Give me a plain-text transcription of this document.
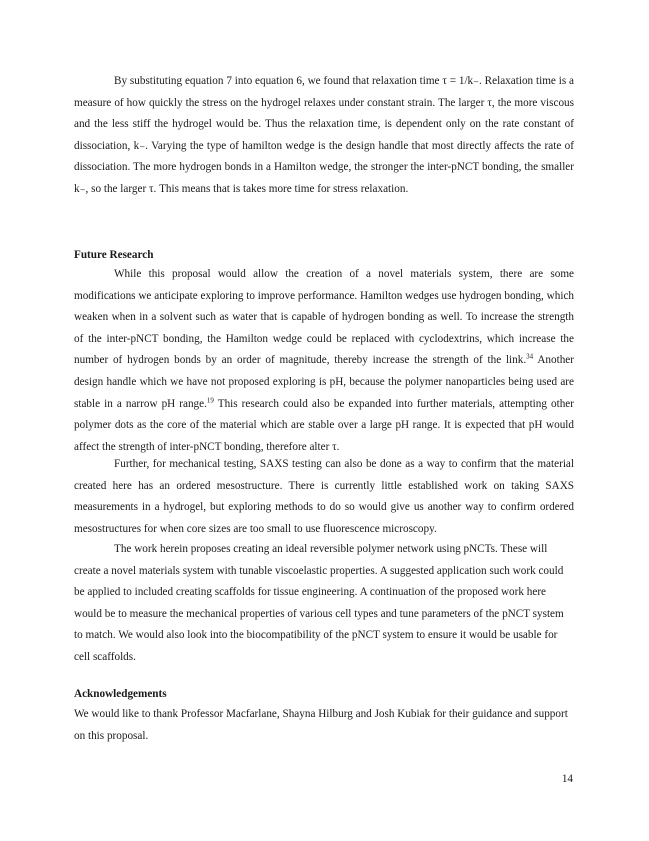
By substituting equation 7 into equation 6, we found that relaxation time τ = 1/k₋. Relaxation time is a measure of how quickly the stress on the hydrogel relaxes under constant strain. The larger τ, the more viscous and the less stiff the hydrogel would be. Thus the relaxation time, is dependent only on the rate constant of dissociation, k₋. Varying the type of hamilton wedge is the design handle that most directly affects the rate of dissociation. The more hydrogen bonds in a Hamilton wedge, the stronger the inter-pNCT bonding, the smaller k₋, so the larger τ. This means that is takes more time for stress relaxation.

Future Research

While this proposal would allow the creation of a novel materials system, there are some modifications we anticipate exploring to improve performance. Hamilton wedges use hydrogen bonding, which weaken when in a solvent such as water that is capable of hydrogen bonding as well. To increase the strength of the inter-pNCT bonding, the Hamilton wedge could be replaced with cyclodextrins, which increase the number of hydrogen bonds by an order of magnitude, thereby increase the strength of the link.$^{34}$ Another design handle which we have not proposed exploring is pH, because the polymer nanoparticles being used are stable in a narrow pH range.$^{19}$ This research could also be expanded into further materials, attempting other polymer dots as the core of the material which are stable over a large pH range. It is expected that pH would affect the strength of inter-pNCT bonding, therefore alter τ.

Further, for mechanical testing, SAXS testing can also be done as a way to confirm that the material created here has an ordered mesostructure. There is currently little established work on taking SAXS measurements in a hydrogel, but exploring methods to do so would give us another way to confirm ordered mesostructures for when core sizes are too small to use fluorescence microscopy.

The work herein proposes creating an ideal reversible polymer network using pNCTs. These will create a novel materials system with tunable viscoelastic properties. A suggested application such work could be applied to included creating scaffolds for tissue engineering. A continuation of the proposed work here would be to measure the mechanical properties of various cell types and tune parameters of the pNCT system to match. We would also look into the biocompatibility of the pNCT system to ensure it would be usable for cell scaffolds.

Acknowledgements

We would like to thank Professor Macfarlane, Shayna Hilburg and Josh Kubiak for their guidance and support on this proposal.

14
